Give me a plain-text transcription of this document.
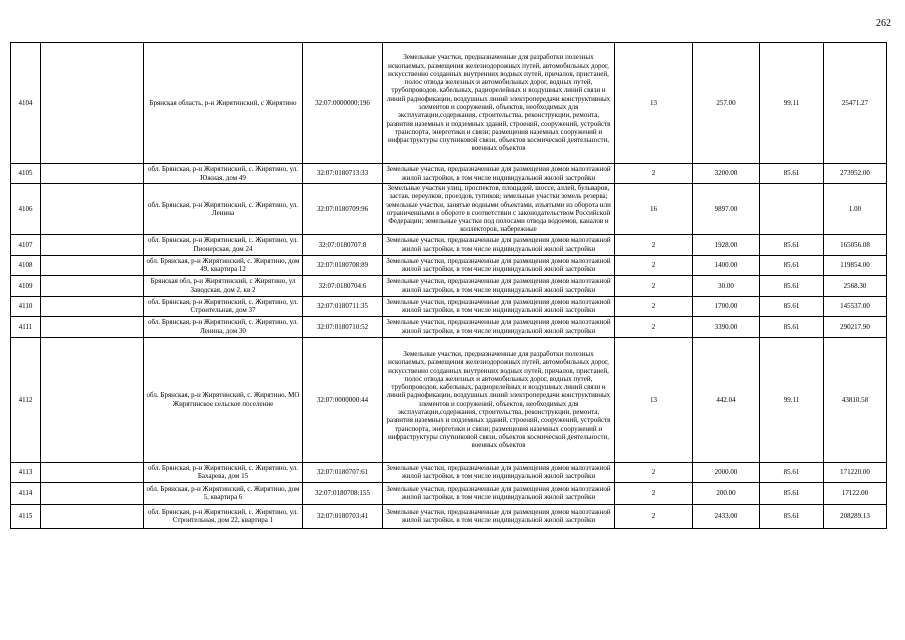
262
4104		Брянская область, р-н Жирятинский, с Жирятино	32:07:0000000:196	Земельные участки, предназначенные для разработки полезных ископаемых, размещения железнодорожных путей, автомобильных дорог, искусственно созданных внутренних водных путей, причалов, пристаней, полос отвода железных и автомобильных дорог, водных путей, трубопроводов, кабельных, радиорелейных и воздушных линий связи и линий радиофикации, воздушных линий электропередачи конструктивных элементов и сооружений, объектов, необходимых для эксплуатации,содержания, строительства, реконструкции, ремонта, развития наземных и подземных зданий, строений, сооружений, устройств транспорта, энергетики и связи; размещения наземных сооружений и инфраструктуры спутниковой связи, объектов космической деятельности, военных объектов	13	257.00	99.11	25471.27
4105		обл. Брянская, р-н Жирятинский, с. Жирятино, ул. Южная, дом 49	32:07:0180713:33	Земельные участки, предназначенные для размещения домов малоэтажной жилой застройки, в том числе индивидуальной жилой застройки	2	3200.00	85.61	273952.00
4106		обл. Брянская, р-н Жирятинский, с. Жирятино, ул. Ленина	32:07:0180709:96	Земельные участки улиц, проспектов, площадей, шоссе, аллей, бульваров, застав, переулков, проездов, тупиков; земельные участки земель резерва; земельные участки, занятые водными объектами, изъятыми из оборота или ограниченными в обороте в соответствии с законодательством Российской Федерации; земельные участки под полосами отвода водоемов, каналов и коллекторов, набережные	16	9897.00		1.00
4107		обл. Брянская, р-н Жирятинский, с. Жирятино, ул. Пионерская, дом 24	32:07:0180707:8	Земельные участки, предназначенные для размещения домов малоэтажной жилой застройки, в том числе индивидуальной жилой застройки	2	1928.00	85.61	165056.08
4108		обл. Брянская, р-н Жирятинский, с. Жирятино, дом 49, квартира 12	32:07:0180708:89	Земельные участки, предназначенные для размещения домов малоэтажной жилой застройки, в том числе индивидуальной жилой застройки	2	1400.00	85.61	119854.00
4109		Брянская обл, р-н Жирятинский, с Жирятино, ул Заводская, дом 2, кв 2	32:07:0180704:6	Земельные участки, предназначенные для размещения домов малоэтажной жилой застройки, в том числе индивидуальной жилой застройки	2	30.00	85.61	2568.30
4110		обл. Брянская, р-н Жирятинский, с. Жирятино, ул. Строительная, дом 37	32:07:0180711:35	Земельные участки, предназначенные для размещения домов малоэтажной жилой застройки, в том числе индивидуальной жилой застройки	2	1700.00	85.61	145537.00
4111		обл. Брянская, р-н Жирятинский, с. Жирятино, ул. Ленина, дом 30	32:07:0180710:52	Земельные участки, предназначенные для размещения домов малоэтажной жилой застройки, в том числе индивидуальной жилой застройки	2	3390.00	85.61	290217.90
4112		обл. Брянская, р-н Жирятинский, с. Жирятино, МО Жирятинское сельское поселение	32:07:0000000:44	Земельные участки, предназначенные для разработки полезных ископаемых, размещения железнодорожных путей, автомобильных дорог, искусственно созданных внутренних водных путей, причалов, пристаней, полос отвода железных и автомобильных дорог, водных путей, трубопроводов, кабельных, радиорелейных и воздушных линий связи и линий радиофикации, воздушных линий электропередачи конструктивных элементов и сооружений, объектов, необходимых для эксплуатации,содержания, строительства, реконструкции, ремонта, развития наземных и подземных зданий, строений, сооружений, устройств транспорта, энергетики и связи; размещения наземных сооружений и инфраструктуры спутниковой связи, объектов космической деятельности, военных объектов	13	442.04	99.11	43810.58
4113		обл. Брянская, р-н Жирятинский, с. Жирятино, ул. Бахарева, дом 15	32:07:0180707:61	Земельные участки, предназначенные для размещения домов малоэтажной жилой застройки, в том числе индивидуальной жилой застройки	2	2000.00	85.61	171220.00
4114		обл. Брянская, р-н Жирятинский, с. Жирятино, дом 5, квартира 6	32:07:0180708:155	Земельные участки, предназначенные для размещения домов малоэтажной жилой застройки, в том числе индивидуальной жилой застройки	2	200.00	85.61	17122.00
4115		обл. Брянская, р-н Жирятинский, с. Жирятино, ул. Строительная, дом 22, квартира 1	32:07:0180703:41	Земельные участки, предназначенные для размещения домов малоэтажной жилой застройки, в том числе индивидуальной жилой застройки	2	2433.00	85.61	208289.13
